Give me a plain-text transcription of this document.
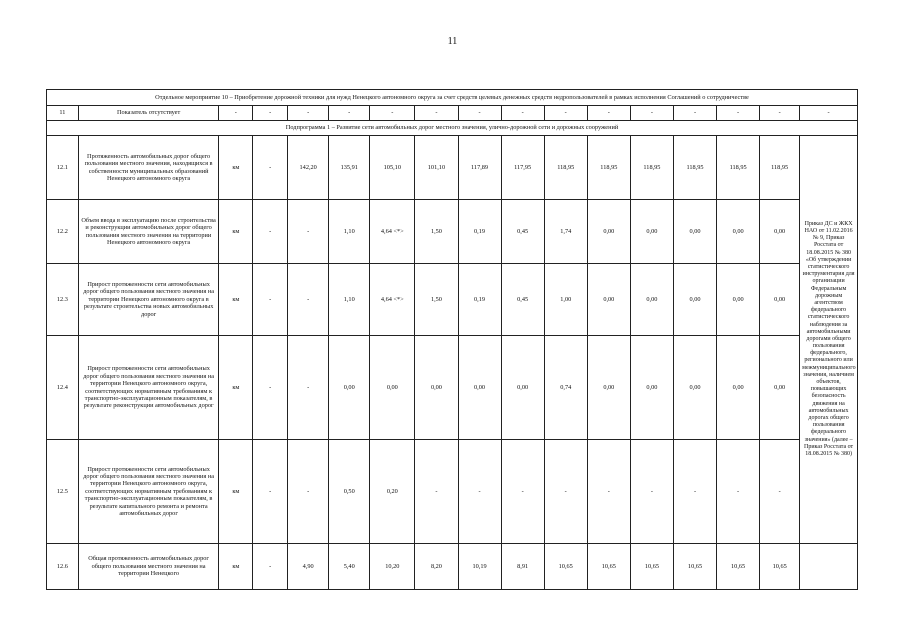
11
Отдельное мероприятие 10 – Приобретение дорожной техники для нужд Ненецкого автономного округа за счет средств целевых денежных средств недропользователей в рамках исполнения Соглашений о сотрудничестве																
11	Показатель отсутствует	-	-	-	-	-	-	-	-	-	-	-	-	-	-	-
Подпрограмма 1 – Развитие сети автомобильных дорог местного значения, улично-дорожной сети и дорожных сооружений																
12.1	Протяженность автомобильных дорог общего пользования местного значения, находящихся в собственности муниципальных образований Ненецкого автономного округа	км	-	142,20	135,91	105,10	101,10	117,89	117,95	118,95	118,95	118,95	118,95	118,95	118,95	Приказ ДС и ЖКХ НАО от 11.02.2016 № 9, Приказ Росстата от 18.08.2015 № 380 «Об утверждении статистического инструментария для организации Федеральным дорожным агентством федерального статистического наблюдения за автомобильными дорогами общего пользования федерального, регионального или межмуниципального значения, наличием объектов, повышающих безопасность движения на автомобильных дорогах общего пользования федерального значения» (далее – Приказ Росстата от 18.08.2015 № 380)
12.2	Объем ввода в эксплуатацию после строительства и реконструкции автомобильных дорог общего пользования местного значения на территории Ненецкого автономного округа	км	-	-	1,10	4,64 <*>	1,50	0,19	0,45	1,74	0,00	0,00	0,00	0,00	0,00	
12.3	Прирост протяженности сети автомобильных дорог общего пользования местного значения на территории Ненецкого автономного округа в результате строительства новых автомобильных дорог	км	-	-	1,10	4,64 <*>	1,50	0,19	0,45	1,00	0,00	0,00	0,00	0,00	0,00	
12.4	Прирост протяженности сети автомобильных дорог общего пользования местного значения на территории Ненецкого автономного округа, соответствующих нормативным требованиям к транспортно-эксплуатационным показателям, в результате реконструкции автомобильных дорог	км	-	-	0,00	0,00	0,00	0,00	0,00	0,74	0,00	0,00	0,00	0,00	0,00	
12.5	Прирост протяженности сети автомобильных дорог общего пользования местного значения на территории Ненецкого автономного округа, соответствующих нормативным требованиям к транспортно-эксплуатационным показателям, в результате капитального ремонта и ремонта автомобильных дорог	км	-	-	0,50	0,20	-	-	-	-	-	-	-	-	-	
12.6	Общая протяженность автомобильных дорог общего пользования местного значения на территории Ненецкого	км	-	4,90	5,40	10,20	8,20	10,19	8,91	10,65	10,65	10,65	10,65	10,65	10,65	
